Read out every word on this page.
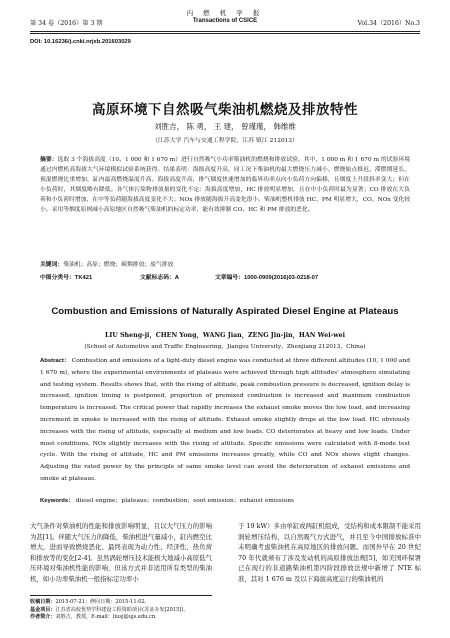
第 34 卷（2016）第 3 期
内 燃 机 学 报
Transactions of CSICE	Vol.34（2016）No.3
DOI: 10.16236/j.cnki.nrjxb.201603029
高原环境下自然吸气柴油机燃烧及排放特性
刘胜吉， 陈 勇， 王 建， 曾瑾瑾， 韩维维
（江苏大学 汽车与交通工程学院，江苏 镇江 212013）
摘要：选取 3 个海拔高度（10、1 000 和 1 670 m）进行自然吸气小功率柴油机的燃烧和排放试验。其中，1 000 m 和 1 670 m 的试验环境通过内燃机高海拔大气环境模拟试验系统获得。结果表明：海拔高度升高，同工况下柴油机的最大燃烧压力减小、燃烧始点推迟、滞燃期延长，预混燃烧比重增加，缸内最高燃烧温度升高。海拔高度升高，排气烟度快速增加的临界功率点向小负荷方向偏移，且烟度上升段斜率变大；但在小负荷时，其烟度略有降低。各气体污染物排放量的变化不定：海拔高度增加，HC 排放明显增加，且在中小负荷时最为显著；CO 排放在大负荷和小负荷时增加，在中等负荷随海拔高度变化不大；NOx 排放随海拔升高变化很小。柴油机整机排放 HC、PM 明显增大，CO、NOx 变化较小。采用等烟度原则减小高原地区自然吸气柴油机的标定功率，能有效抑制 CO、HC 和 PM 排放的恶化。
关键词：柴油机；高原；燃烧；碳烟排放；废气排放
中图分类号：TK421	文献标志码：A	文章编号：1000-0909(2016)03-0218-07
Combustion and Emissions of Naturally Aspirated Diesel Engine at Plateaus
LIU Sheng-ji，CHEN Yong，WANG Jian，ZENG Jin-jin，HAN Wei-wei
(School of Automotive and Traffic Engineering，Jiangsu University，Zhenjiang 212013，China)
Abstract： Combustion and emissions of a light-duty diesel engine was conducted at three different altitudes (10, 1 000 and 1 670 m), where the experimental environments of plateaus were achieved through high altitudes' atmosphere simulating and testing system. Results shows that, with the rising of altitude, peak combustion pressure is decreased, ignition delay is increased, ignition timing is postponed, proportion of premixed combustion is increased and maximum combustion temperature is increased. The critical power that rapidly increases the exhaust smoke moves the low load, and increasing increment in smoke is increased with the rising of altitude. Exhaust smoke slightly drops at the low load. HC obviously increases with the rising of altitude, especially at medium and low loads. CO deteriorates at heavy and low loads. Under most conditions, NOx slightly increases with the rising of altitude. Specific emissions were calculated with 8-mode test cycle. With the rising of altitude, HC and PM emissions increases greatly, while CO and NOx shows slight changes. Adjusting the rated power by the principle of same smoke level can avoid the deterioration of exhaust emissions and smoke at plateaus.
Keywords： diesel engine；plateaus；combustion；soot emission；exhaust emissions
大气条件对柴油机的性能和排放影响明显，且以大气压力的影响为甚[1]。伴随大气压力的降低，柴油机进气量减小，缸内燃空比增大，进而导致燃烧恶化、最终表现为动力性、经济性、热负荷和排放等的变化[2-4]。虽然涡轮增压技术能极大地减小高原低气压环境对柴油机性能的影响，但该方式并非适用所有类型的柴油机，如小功率柴油机一般指标定功率小
于 19 kW）多由单缸或两缸机组成，受结构和成本限制不能采用涡轮增压结构，以自然吸气方式进气，并且至今中国排放标准中未明确考虑柴油机在高原地区的排放问题。而国外早在 20 世纪 70 年代就颁布了涉及发动机的高原排放法规[5]，如美国环保署已在现行的非道路柴油机第四阶段排放法规中新增了 NTE 标准，其对 1 676 m 及以下海拔高度运行的柴油机的
收稿日期：2015-07-21；修回日期：2015-11-02.
基金项目：江苏省高校优势学科建设工程资助项目(苏证办发[2015])。
作者简介：刘胜吉，教授，E-mail：liusj@ujs.edu.cn.
